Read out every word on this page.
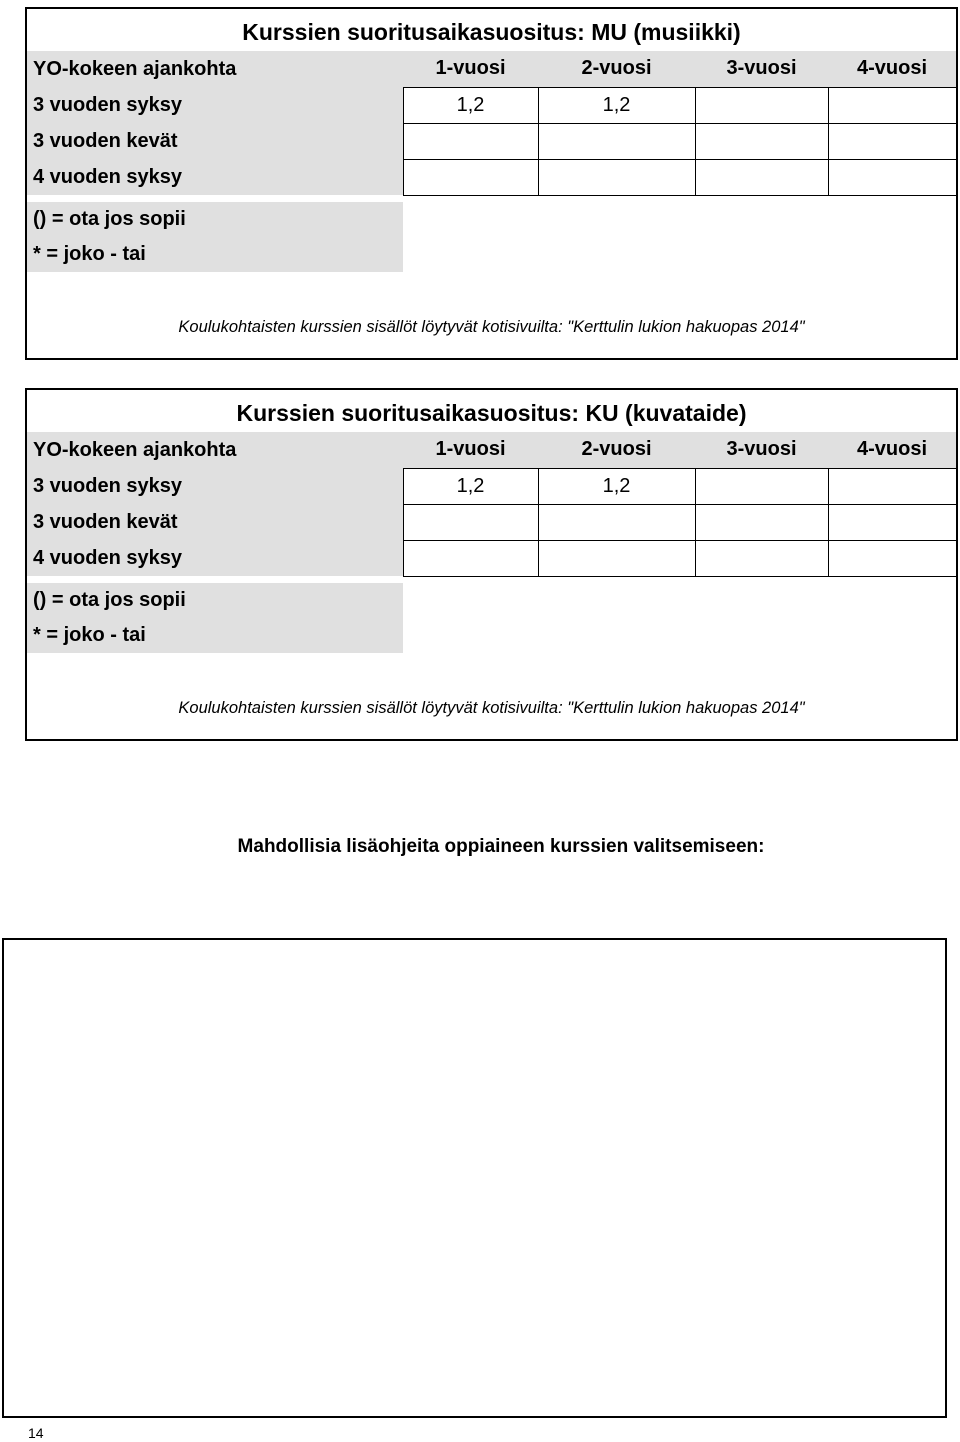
Kurssien suoritusaikasuositus: MU (musiikki)
YO-kokeen ajankohta	1-vuosi	2-vuosi	3-vuosi	4-vuosi
3 vuoden syksy	1,2	1,2		
3 vuoden kevät				
4 vuoden syksy				
() = ota jos sopii
* = joko - tai
Koulukohtaisten kurssien sisällöt löytyvät kotisivuilta: "Kerttulin lukion hakuopas 2014"
Kurssien suoritusaikasuositus: KU (kuvataide)
YO-kokeen ajankohta	1-vuosi	2-vuosi	3-vuosi	4-vuosi
3 vuoden syksy	1,2	1,2		
3 vuoden kevät				
4 vuoden syksy				
() = ota jos sopii
* = joko - tai
Koulukohtaisten kurssien sisällöt löytyvät kotisivuilta: "Kerttulin lukion hakuopas 2014"
Mahdollisia lisäohjeita oppiaineen kurssien valitsemiseen:
14
